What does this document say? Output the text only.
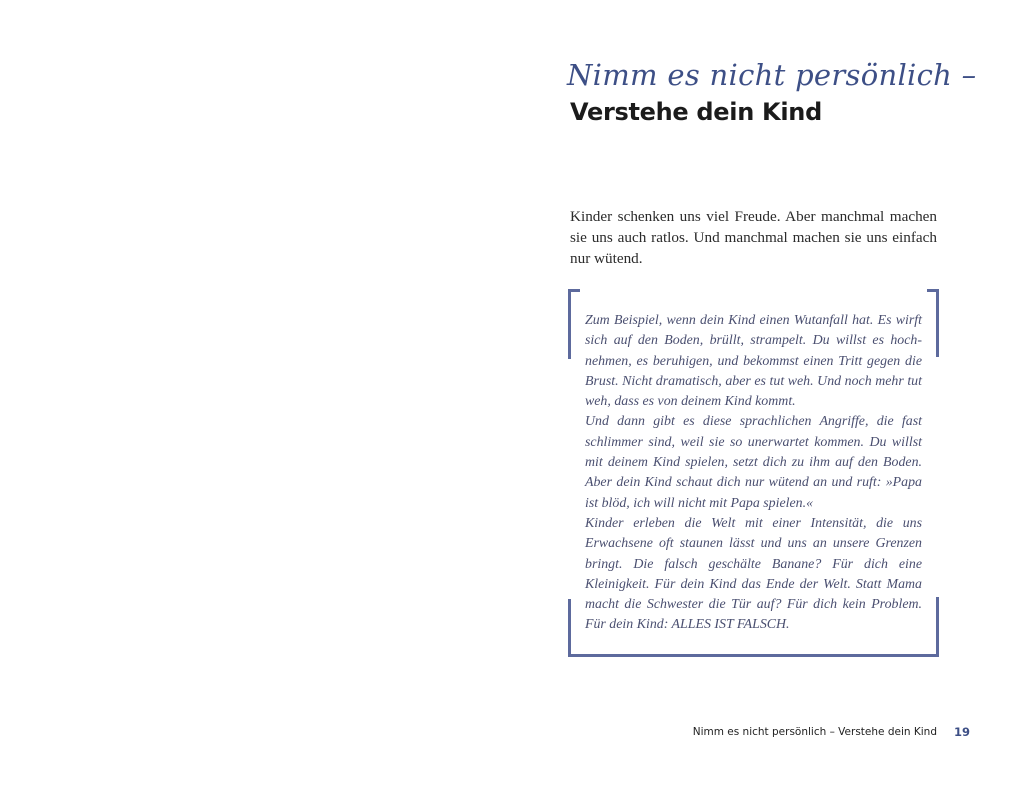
Nimm es nicht persönlich –
Verstehe dein Kind
Kinder schenken uns viel Freude. Aber manchmal machen sie uns auch ratlos. Und manchmal machen sie uns einfach nur wütend.

Zum Beispiel, wenn dein Kind einen Wutanfall hat. Es wirft sich auf den Boden, brüllt, strampelt. Du willst es hochnehmen, es beruhigen, und bekommst einen Tritt gegen die Brust. Nicht dramatisch, aber es tut weh. Und noch mehr tut weh, dass es von deinem Kind kommt.

Und dann gibt es diese sprachlichen Angriffe, die fast schlimmer sind, weil sie so unerwartet kommen. Du willst mit deinem Kind spielen, setzt dich zu ihm auf den Boden. Aber dein Kind schaut dich nur wütend an und ruft: »Papa ist blöd, ich will nicht mit Papa spielen.«

Kinder erleben die Welt mit einer Intensität, die uns Erwachsene oft staunen lässt und uns an unsere Grenzen bringt. Die falsch geschälte Banane? Für dich eine Kleinigkeit. Für dein Kind das Ende der Welt. Statt Mama macht die Schwester die Tür auf? Für dich kein Problem. Für dein Kind: ALLES IST FALSCH.

Nimm es nicht persönlich – Verstehe dein Kind 19
